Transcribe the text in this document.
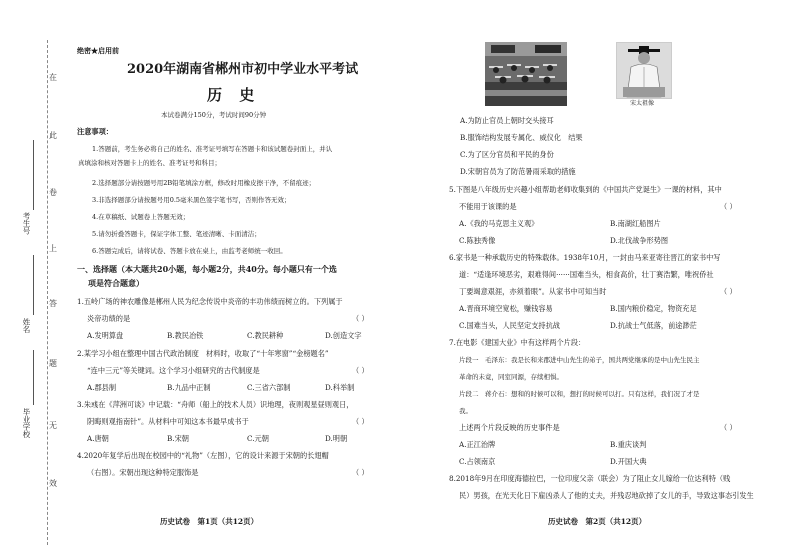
在
此
卷
上
答
题
无
效
考生号
姓名
毕业学校
绝密★启用前
2020年湖南省郴州市初中学业水平考试
历 史
本试卷满分150分，考试时间90分钟
注意事项：
1.答题前，考生务必将自己的姓名、准考证号填写在答题卡和该试题卷封面上，并认
真填涂和核对答题卡上的姓名、准考证号和科目；
2.选择题部分请按题号用2B铅笔填涂方框，修改时用橡皮擦干净，不留痕迹；
3.非选择题部分请按题号用0.5毫米黑色签字笔书写，否则作答无效；
4.在草稿纸、试题卷上答题无效；
5.请勿折叠答题卡，保证字体工整、笔迹清晰、卡面清洁；
6.答题完成后，请将试卷、答题卡放在桌上，由监考老师统一收回。
一、选择题（本大题共20小题，每小题2分，共40分。每小题只有一个选
项是符合题意）
1.五岭广场的神农雕像是郴州人民为纪念传说中炎帝的丰功伟绩而树立的。下列属于
炎帝功绩的是	（ ）
A.发明算盘	B.教民冶铁	C.教民耕种	D.创造文字
2.某学习小组在整理中国古代政治制度　材料时，收取了“十年寒窗”“金榜题名”
“连中三元”等关键词。这个学习小组研究的古代制度是	（ ）
A.郡县制	B.九品中正制	C.三省六部制	D.科举制
3.朱彧在《萍洲可谈》中记载：“舟师（船上的技术人员）识地理，夜则观星昼则观日，
阴晦则观指南针”。从材料中可知这本书最早成书于	（ ）
A.唐朝	B.宋朝	C.元朝	D.明朝
4.2020年复学后出现在校园中的“礼物”（左图），它的设计来源于宋朝的长翅帽
（右图）。宋朝出现这种特定服饰是	（ ）
历史试卷　第1页（共12页）
宋太祖像
A.为防止官员上朝时交头接耳
B.服饰结构发展专属化、威仪化　结果
C.为了区分官员和平民的身份
D.宋朝官员为了防范暑雨采取的措施
5.下图是八年级历史兴趣小组帮助老师收集到的《中国共产党诞生》一课的材料，其中
不能用于该课的是	（ ）
A.《我的马克思主义观》	B.南湖红船图片
C.陈独秀像	D.北伐战争形势图
6.家书是一种承载历史的特殊载体。1938年10月，一封由马来亚寄往晋江的家书中写
道：“适逢环境恶劣，艰难得间······国难当头，相食高价，壮丁赛浩繁，唯祝侨社
丁要竭意艰涯，亦须着眼”。从家书中可知当时	（ ）
A.晋商环境空宽松，赚钱容易	B.国内粮价稳定，物资充足
C.国难当头，人民坚定支持抗战	D.抗战士气低落，前途渺茫
7.在电影《建国大业》中有这样两个片段：
片段一　毛泽东：我是长和来郡进中山先生的弟子，国共两党继承的是中山先生民主
革命的未竟，同室同源，存续相惧。
片段二　蒋介石：想和的时候可以和，想打的时候可以打。只有这样，我们况了才是
我。
上述两个片段反映的历史事件是	（ ）
A.正江治牌	B.重庆谈判
C.占领南京	D.开国大典
8.2018年9月在印度海德拉巴，一位印度父亲（联会）为了阻止女儿嫁给一位达利特（贱
民）男孩，在光天化日下雇凶杀人了他的丈夫，并残忍地砍掉了女儿的手，导致这事态引发生
历史试卷　第2页（共12页）
